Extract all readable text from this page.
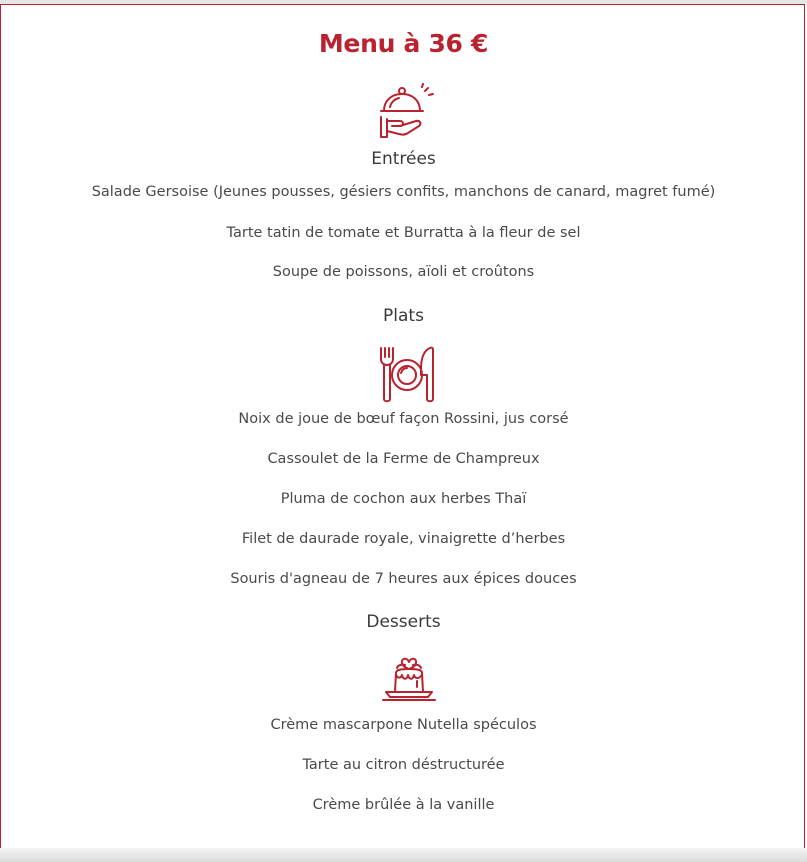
Menu à 36 €
Entrées
Salade Gersoise (Jeunes pousses, gésiers confits, manchons de canard, magret fumé)
Tarte tatin de tomate et Burratta à la fleur de sel
Soupe de poissons, aïoli et croûtons
Plats
Noix de joue de bœuf façon Rossini, jus corsé
Cassoulet de la Ferme de Champreux
Pluma de cochon aux herbes Thaï
Filet de daurade royale, vinaigrette d’herbes
Souris d'agneau de 7 heures aux épices douces
Desserts
Crème mascarpone Nutella spéculos
Tarte au citron déstructurée
Crème brûlée à la vanille
